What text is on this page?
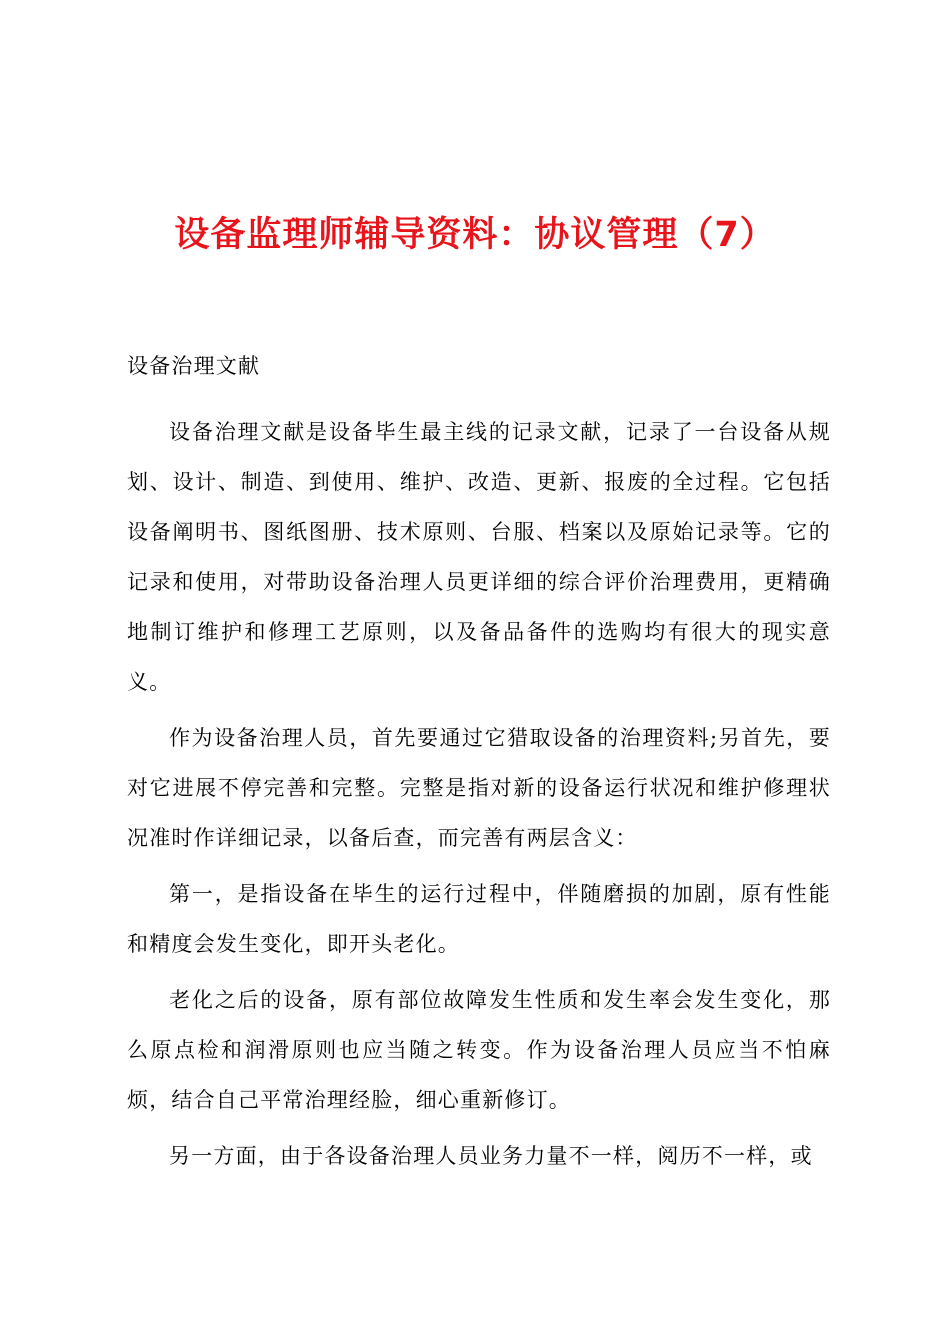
设备监理师辅导资料：协议管理（7）

设备治理文献

设备治理文献是设备毕生最主线的记录文献，记录了一台设备从规划、设计、制造、到使用、维护、改造、更新、报废的全过程。它包括设备阐明书、图纸图册、技术原则、台服、档案以及原始记录等。它的记录和使用，对带助设备治理人员更详细的综合评价治理费用，更精确地制订维护和修理工艺原则，以及备品备件的选购均有很大的现实意义。

作为设备治理人员，首先要通过它猎取设备的治理资料;另首先，要对它进展不停完善和完整。完整是指对新的设备运行状况和维护修理状况准时作详细记录，以备后查，而完善有两层含义：

第一，是指设备在毕生的运行过程中，伴随磨损的加剧，原有性能和精度会发生变化，即开头老化。

老化之后的设备，原有部位故障发生性质和发生率会发生变化，那么原点检和润滑原则也应当随之转变。作为设备治理人员应当不怕麻烦，结合自己平常治理经脸，细心重新修订。

另一方面，由于各设备治理人员业务力量不一样，阅历不一样，或
